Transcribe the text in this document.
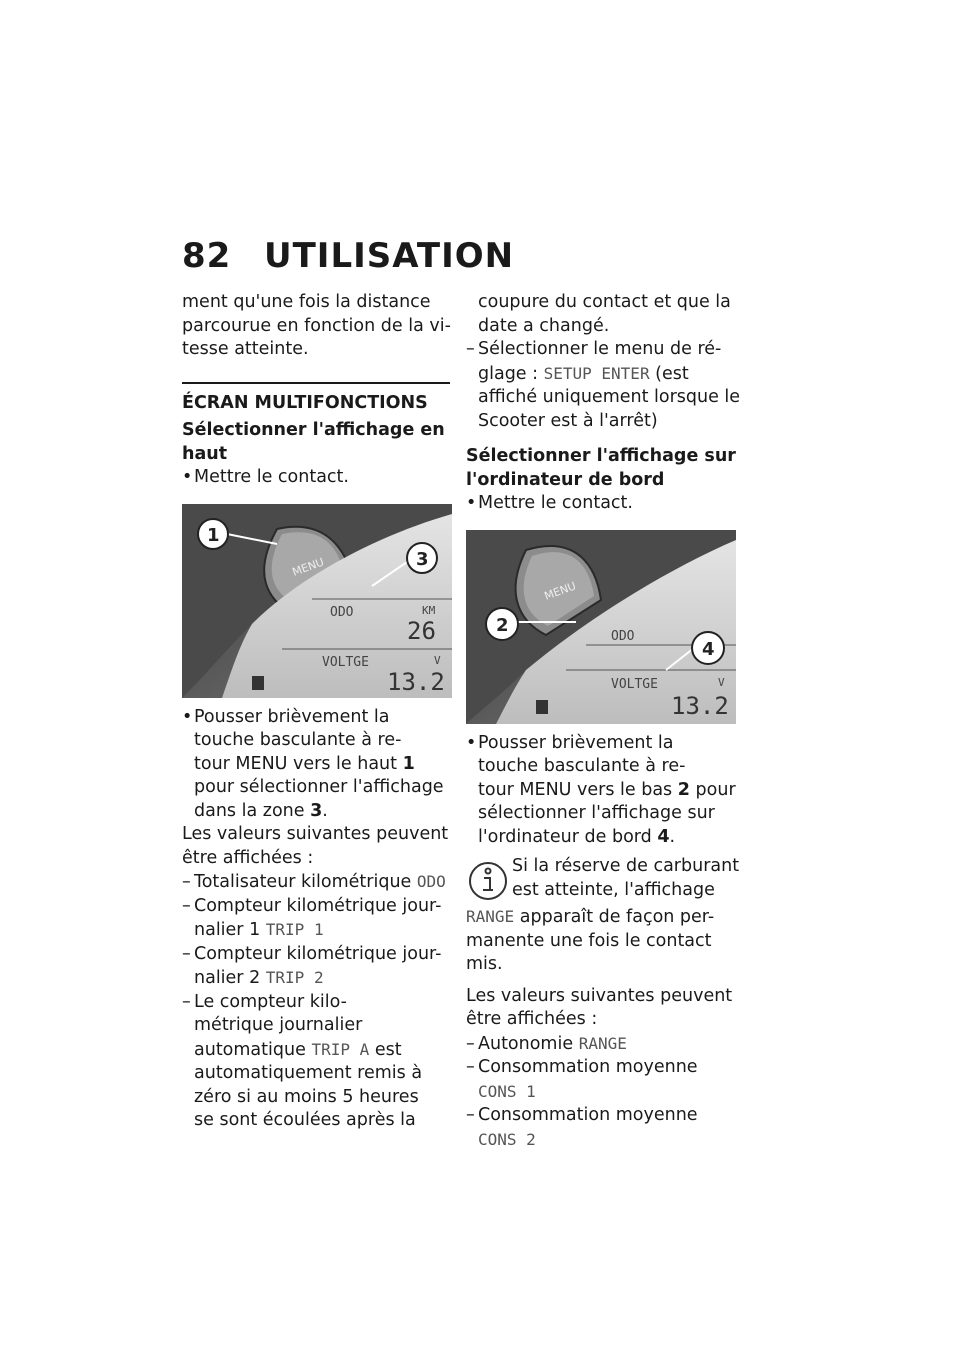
82 UTILISATION

ment qu'une fois la distance

parcourue en fonction de la vi-

tesse atteinte.

ÉCRAN MULTIFONCTIONS

Sélectionner l'affichage en
haut

•Mettre le contact.

MENU
ODO	KM
26
VOLTGE	V
13.2
1
3

•Pousser brièvement la

touche basculante à re-

tour MENU vers le haut 1

pour sélectionner l'affichage

dans la zone 3.

Les valeurs suivantes peuvent

être affichées :

– Totalisateur kilométrique ODO

– Compteur kilométrique jour-

nalier 1 TRIP 1

– Compteur kilométrique jour-

nalier 2 TRIP 2

– Le compteur kilo-

métrique journalier

automatique TRIP A est

automatiquement remis à

zéro si au moins 5 heures

se sont écoulées après la

coupure du contact et que la

date a changé.

– Sélectionner le menu de ré-

glage : SETUP ENTER (est

affiché uniquement lorsque le

Scooter est à l'arrêt)

Sélectionner l'affichage sur
l'ordinateur de bord

•Mettre le contact.

MENU
ODO
VOLTGE	V
13.2
2
4

•Pousser brièvement la

touche basculante à re-

tour MENU vers le bas 2 pour

sélectionner l'affichage sur

l'ordinateur de bord 4.

Si la réserve de carburant

est atteinte, l'affichage

RANGE apparaît de façon per-

manente une fois le contact

mis.

Les valeurs suivantes peuvent

être affichées :

– Autonomie RANGE

– Consommation moyenne

CONS 1

– Consommation moyenne

CONS 2
